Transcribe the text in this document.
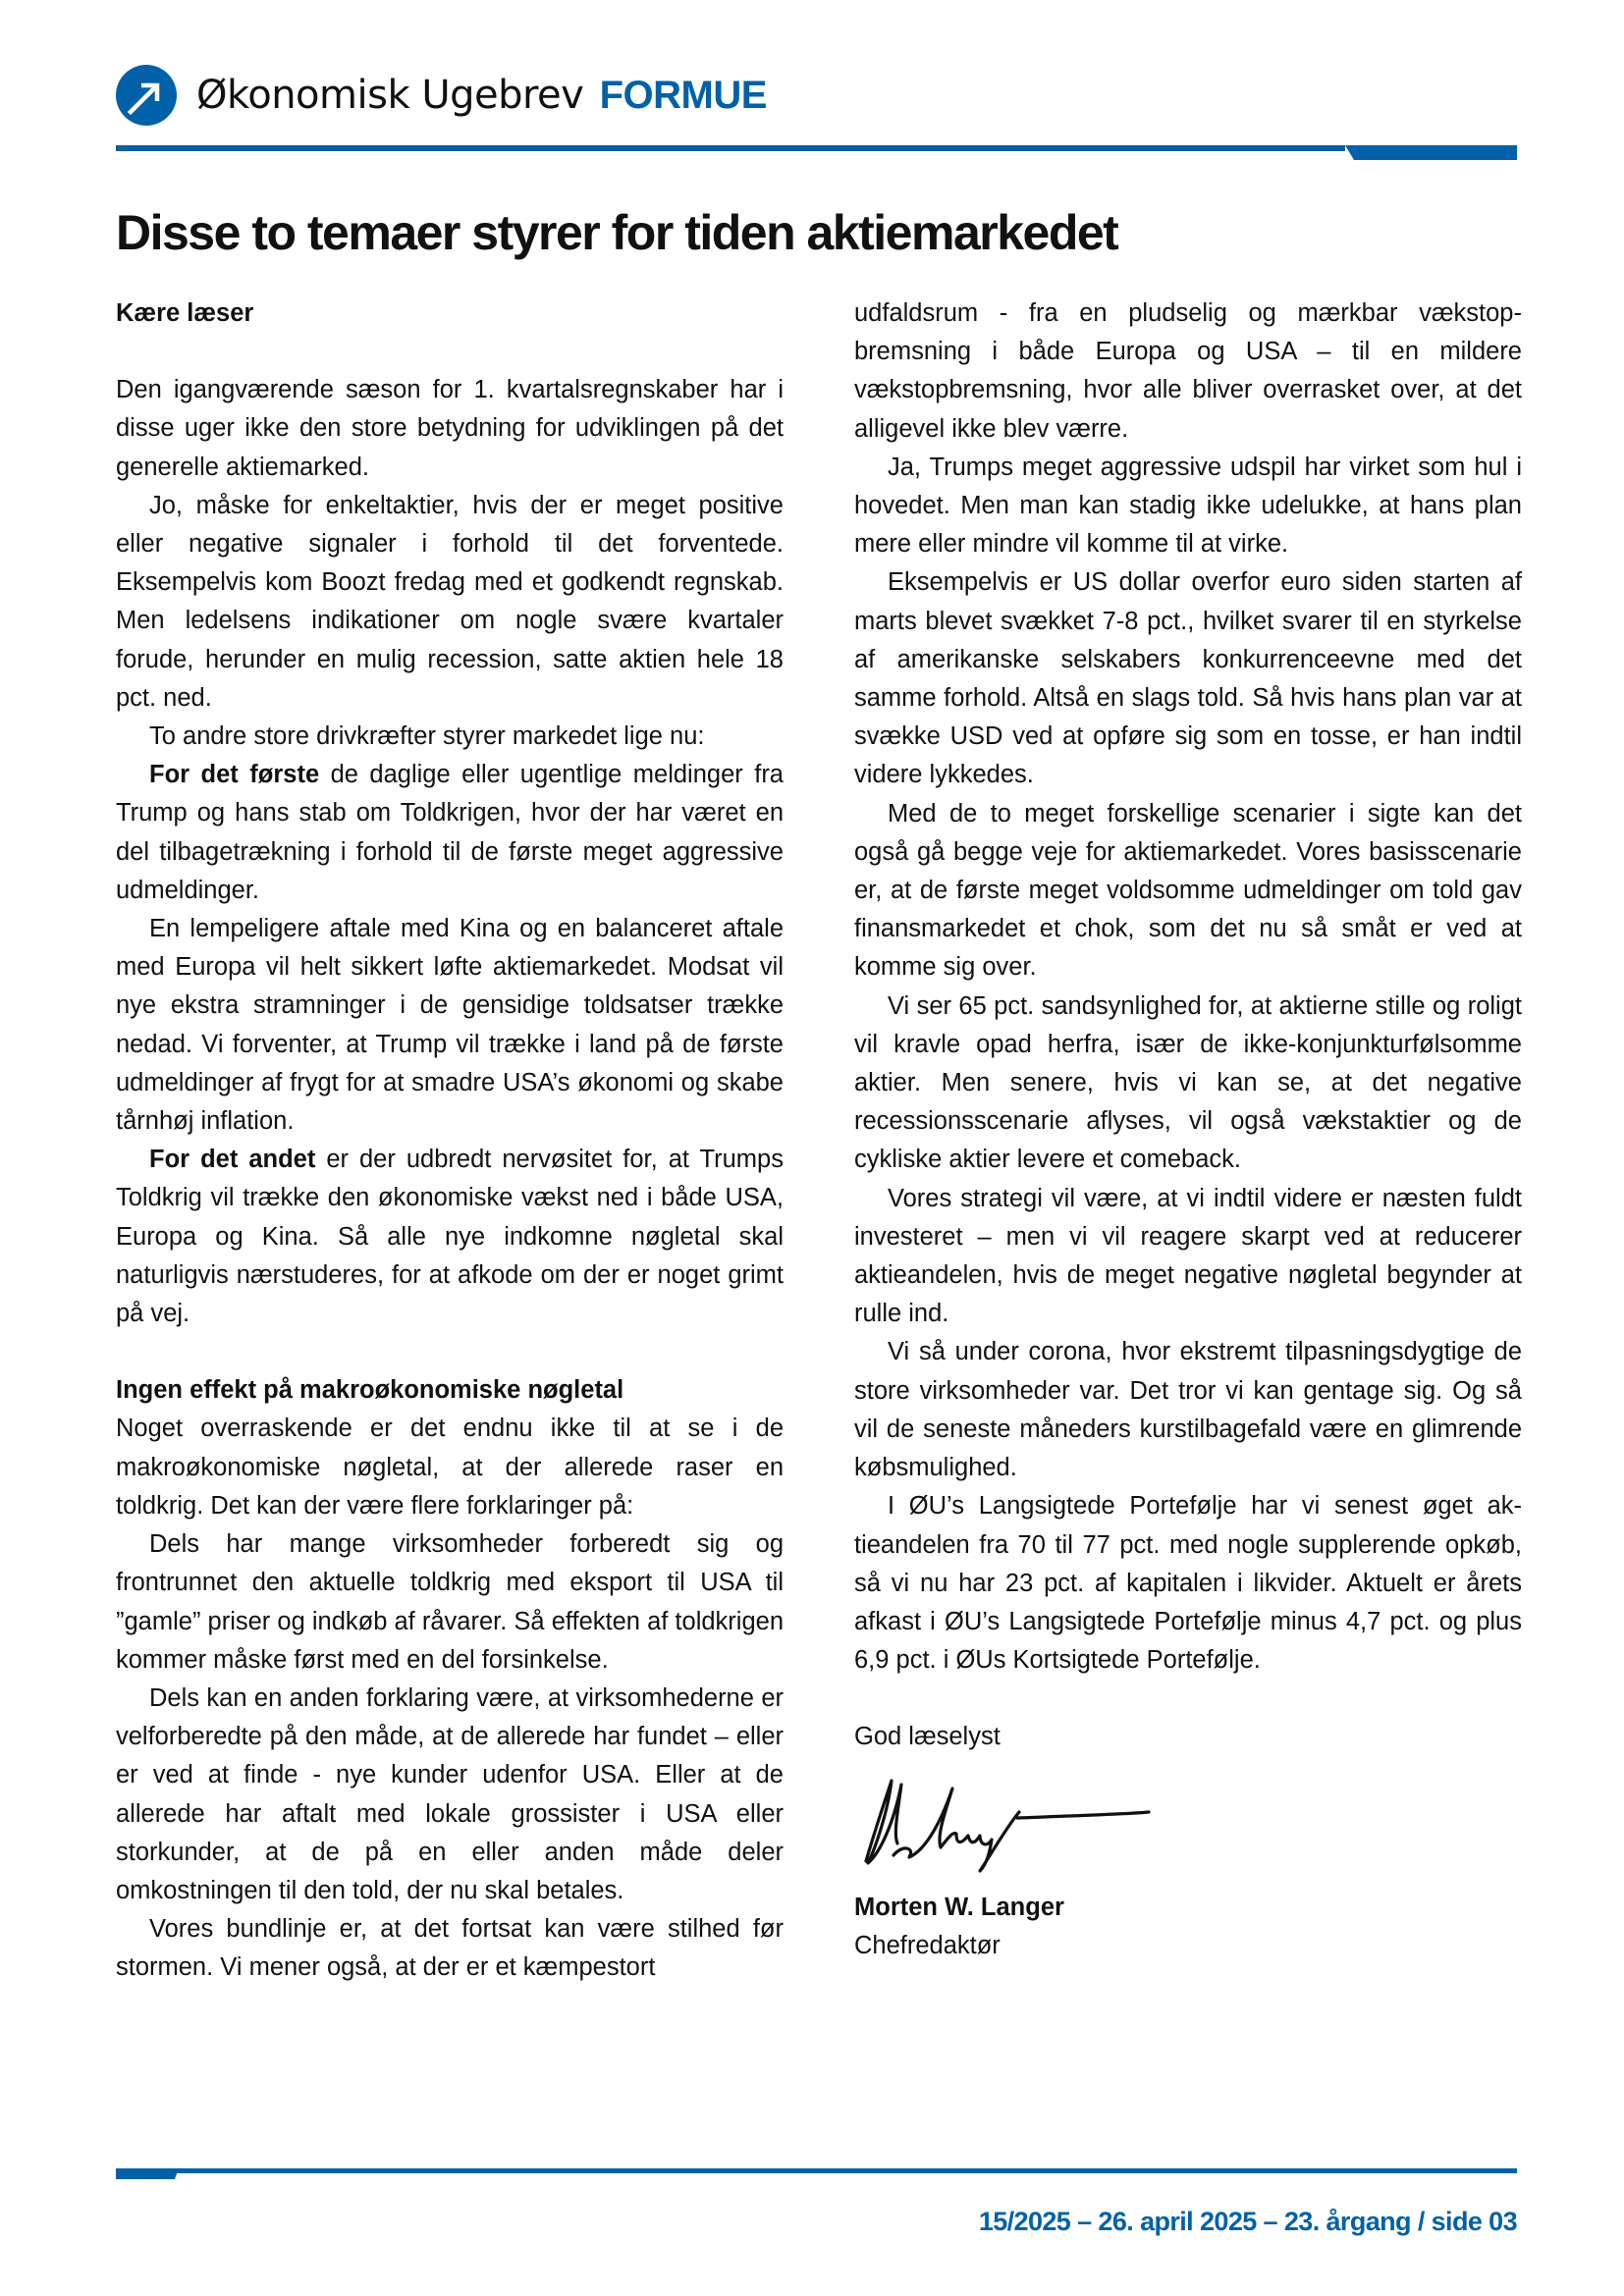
Økonomisk Ugebrev FORMUE
Disse to temaer styrer for tiden aktiemarkedet

Kære læser

Den igangværende sæson for 1. kvartalsregnskaber har i disse uger ikke den store betydning for udviklingen på det generelle aktiemarked.

Jo, måske for enkeltaktier, hvis der er meget positive eller negative signaler i forhold til det forventede. Eksempelvis kom Boozt fredag med et godkendt regnskab. Men ledelsens indikationer om nogle svære kvartaler forude, herunder en mulig recession, satte aktien hele 18 pct. ned.

To andre store drivkræfter styrer markedet lige nu:

For det første de daglige eller ugentlige meldinger fra Trump og hans stab om Toldkrigen, hvor der har været en del tilbagetrækning i forhold til de første meget aggressive udmeldinger.

En lempeligere aftale med Kina og en balanceret aftale med Europa vil helt sikkert løfte aktiemarkedet. Modsat vil nye ekstra stramninger i de gensidige toldsatser trække nedad. Vi forventer, at Trump vil trække i land på de første udmeldinger af frygt for at smadre USA’s økonomi og skabe tårnhøj inflation.

For det andet er der udbredt nervøsitet for, at Trumps Toldkrig vil trække den økonomiske vækst ned i både USA, Europa og Kina. Så alle nye indkomne nøgletal skal naturligvis nærstuderes, for at afkode om der er noget grimt på vej.

Ingen effekt på makroøkonomiske nøgletal

Noget overraskende er det endnu ikke til at se i de makroøkonomiske nøgletal, at der allerede raser en toldkrig. Det kan der være flere forklaringer på:

Dels har mange virksomheder forberedt sig og frontrunnet den aktuelle toldkrig med eksport til USA til ”gamle” priser og indkøb af råvarer. Så effekten af toldkrigen kommer måske først med en del forsinkelse.

Dels kan en anden forklaring være, at virksomhederne er velforberedte på den måde, at de allerede har fundet – eller er ved at finde - nye kunder udenfor USA. Eller at de allerede har aftalt med lokale grossister i USA eller storkunder, at de på en eller anden måde deler omkostningen til den told, der nu skal betales.

Vores bundlinje er, at det fortsat kan være stilhed før stormen. Vi mener også, at der er et kæmpestort

udfaldsrum - fra en pludselig og mærkbar vækstopbremsning i både Europa og USA – til en mildere vækstopbremsning, hvor alle bliver overrasket over, at det alligevel ikke blev værre.

Ja, Trumps meget aggressive udspil har virket som hul i hovedet. Men man kan stadig ikke udelukke, at hans plan mere eller mindre vil komme til at virke.

Eksempelvis er US dollar overfor euro siden starten af marts blevet svækket 7-8 pct., hvilket svarer til en styrkelse af amerikanske selskabers konkurrenceevne med det samme forhold. Altså en slags told. Så hvis hans plan var at svække USD ved at opføre sig som en tosse, er han indtil videre lykkedes.

Med de to meget forskellige scenarier i sigte kan det også gå begge veje for aktiemarkedet. Vores basisscenarie er, at de første meget voldsomme udmeldinger om told gav finansmarkedet et chok, som det nu så småt er ved at komme sig over.

Vi ser 65 pct. sandsynlighed for, at aktierne stille og roligt vil kravle opad herfra, især de ikke-konjunkturfølsomme aktier. Men senere, hvis vi kan se, at det negative recessionsscenarie aflyses, vil også vækstaktier og de cykliske aktier levere et comeback.

Vores strategi vil være, at vi indtil videre er næsten fuldt investeret – men vi vil reagere skarpt ved at reducerer aktieandelen, hvis de meget negative nøgletal begynder at rulle ind.

Vi så under corona, hvor ekstremt tilpasningsdygtige de store virksomheder var. Det tror vi kan gentage sig. Og så vil de seneste måneders kurstilbagefald være en glimrende købsmulighed.

I ØU’s Langsigtede Portefølje har vi senest øget aktieandelen fra 70 til 77 pct. med nogle supplerende opkøb, så vi nu har 23 pct. af kapitalen i likvider. Aktuelt er årets afkast i ØU’s Langsigtede Portefølje minus 4,7 pct. og plus 6,9 pct. i ØUs Kortsigtede Portefølje.

God læselyst

Morten W. Langer

Chefredaktør

15/2025 – 26. april 2025 – 23. årgang / side 03
